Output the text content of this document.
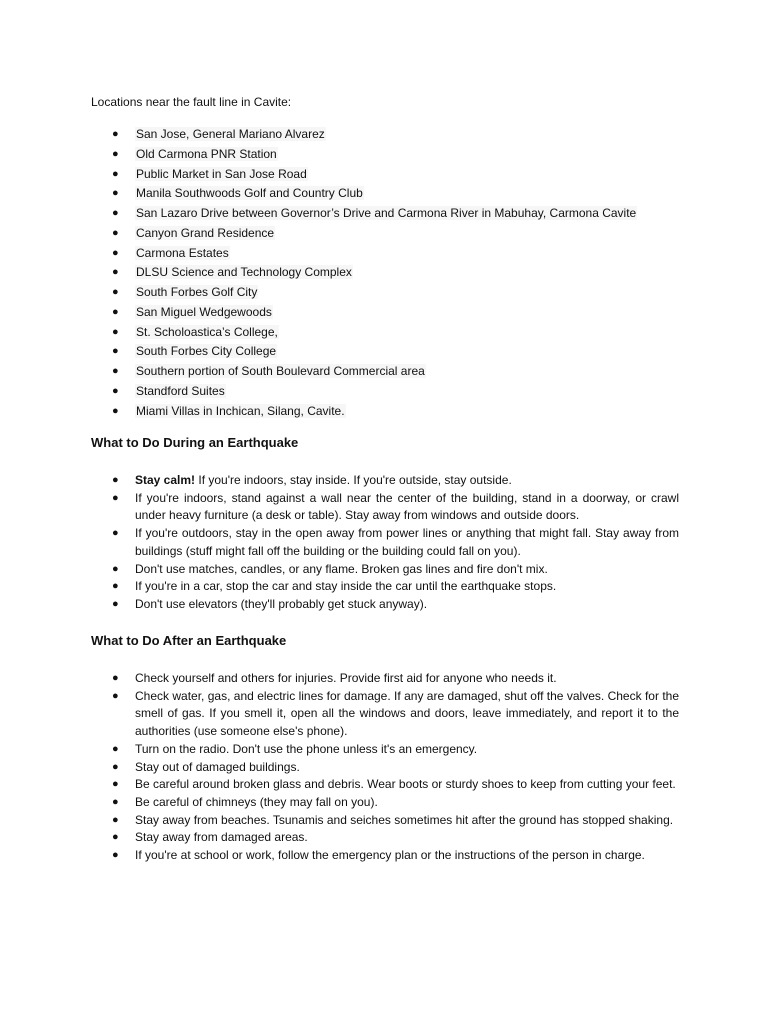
Locations near the fault line in Cavite:
● San Jose, General Mariano Alvarez
● Old Carmona PNR Station
● Public Market in San Jose Road
● Manila Southwoods Golf and Country Club
● San Lazaro Drive between Governor’s Drive and Carmona River in Mabuhay, Carmona Cavite
● Canyon Grand Residence
● Carmona Estates
● DLSU Science and Technology Complex
● South Forbes Golf City
● San Miguel Wedgewoods
● St. Scholoastica’s College,
● South Forbes City College
● Southern portion of South Boulevard Commercial area
● Standford Suites
● Miami Villas in Inchican, Silang, Cavite.
What to Do During an Earthquake
● Stay calm! If you're indoors, stay inside. If you're outside, stay outside.
● If you're indoors, stand against a wall near the center of the building, stand in a doorway, or crawl under heavy furniture (a desk or table). Stay away from windows and outside doors.
● If you're outdoors, stay in the open away from power lines or anything that might fall. Stay away from buildings (stuff might fall off the building or the building could fall on you).
● Don't use matches, candles, or any flame. Broken gas lines and fire don't mix.
● If you're in a car, stop the car and stay inside the car until the earthquake stops.
● Don't use elevators (they'll probably get stuck anyway).
What to Do After an Earthquake
● Check yourself and others for injuries. Provide first aid for anyone who needs it.
● Check water, gas, and electric lines for damage. If any are damaged, shut off the valves. Check for the smell of gas. If you smell it, open all the windows and doors, leave immediately, and report it to the authorities (use someone else's phone).
● Turn on the radio. Don't use the phone unless it's an emergency.
● Stay out of damaged buildings.
● Be careful around broken glass and debris. Wear boots or sturdy shoes to keep from cutting your feet.
● Be careful of chimneys (they may fall on you).
● Stay away from beaches. Tsunamis and seiches sometimes hit after the ground has stopped shaking.
● Stay away from damaged areas.
● If you're at school or work, follow the emergency plan or the instructions of the person in charge.
